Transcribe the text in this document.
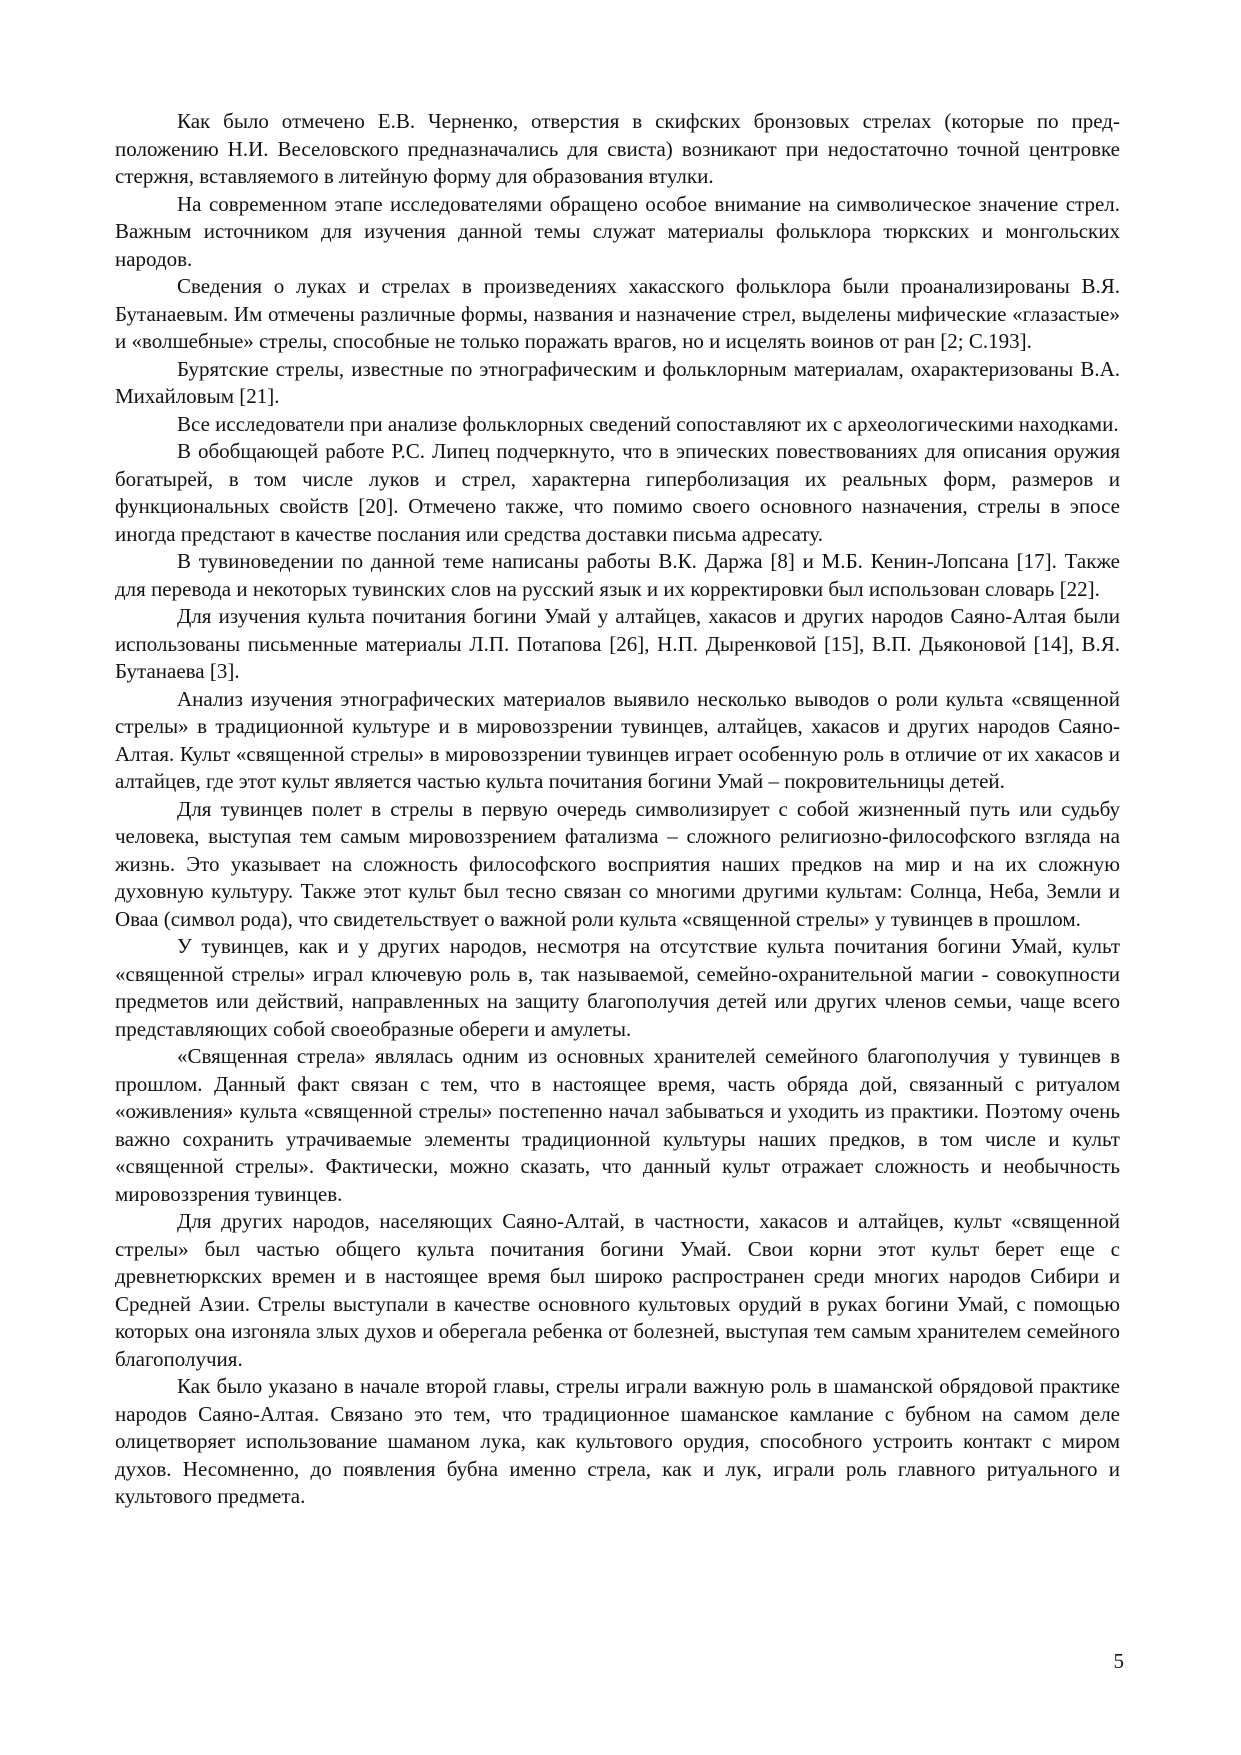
Как было отмечено Е.В. Черненко, отверстия в скифских бронзовых стрелах (которые по предположению Н.И. Веселовского предназначались для свиста) возникают при недостаточно точной центровке стержня, вставляемого в литейную форму для образования втулки.

На современном этапе исследователями обращено особое внимание на символическое значение стрел. Важным источником для изучения данной темы служат материалы фольклора тюркских и монгольских народов.

Сведения о луках и стрелах в произведениях хакасского фольклора были проанализированы В.Я. Бутанаевым. Им отмечены различные формы, названия и назначение стрел, выделены мифические «глазастые» и «волшебные» стрелы, способные не только поражать врагов, но и исцелять воинов от ран [2; С.193].

Бурятские стрелы, известные по этнографическим и фольклорным материалам, охарактеризованы В.А. Михайловым [21].

Все исследователи при анализе фольклорных сведений сопоставляют их с археологическими находками.

В обобщающей работе Р.С. Липец подчеркнуто, что в эпических повествованиях для описания оружия богатырей, в том числе луков и стрел, характерна гиперболизация их реальных форм, размеров и функциональных свойств [20]. Отмечено также, что помимо своего основного назначения, стрелы в эпосе иногда предстают в качестве послания или средства доставки письма адресату.

В тувиноведении по данной теме написаны работы В.К. Даржа [8] и М.Б. Кенин-Лопсана [17]. Также для перевода и некоторых тувинских слов на русский язык и их корректировки был использован словарь [22].

Для изучения культа почитания богини Умай у алтайцев, хакасов и других народов Саяно-Алтая были использованы письменные материалы Л.П. Потапова [26], Н.П. Дыренковой [15], В.П. Дьяконовой [14], В.Я. Бутанаева [3].

Анализ изучения этнографических материалов выявило несколько выводов о роли культа «священной стрелы» в традиционной культуре и в мировоззрении тувинцев, алтайцев, хакасов и других народов Саяно-Алтая. Культ «священной стрелы» в мировоззрении тувинцев играет особенную роль в отличие от их хакасов и алтайцев, где этот культ является частью культа почитания богини Умай – покровительницы детей.

Для тувинцев полет в стрелы в первую очередь символизирует с собой жизненный путь или судьбу человека, выступая тем самым мировоззрением фатализма – сложного религиозно-философского взгляда на жизнь. Это указывает на сложность философского восприятия наших предков на мир и на их сложную духовную культуру. Также этот культ был тесно связан со многими другими культам: Солнца, Неба, Земли и Оваа (символ рода), что свидетельствует о важной роли культа «священной стрелы» у тувинцев в прошлом.

У тувинцев, как и у других народов, несмотря на отсутствие культа почитания богини Умай, культ «священной стрелы» играл ключевую роль в, так называемой, семейно-охранительной магии - совокупности предметов или действий, направленных на защиту благополучия детей или других членов семьи, чаще всего представляющих собой своеобразные обереги и амулеты.

«Священная стрела» являлась одним из основных хранителей семейного благополучия у тувинцев в прошлом. Данный факт связан с тем, что в настоящее время, часть обряда дой, связанный с ритуалом «оживления» культа «священной стрелы» постепенно начал забываться и уходить из практики. Поэтому очень важно сохранить утрачиваемые элементы традиционной культуры наших предков, в том числе и культ «священной стрелы». Фактически, можно сказать, что данный культ отражает сложность и необычность мировоззрения тувинцев.

Для других народов, населяющих Саяно-Алтай, в частности, хакасов и алтайцев, культ «священной стрелы» был частью общего культа почитания богини Умай. Свои корни этот культ берет еще с древнетюркских времен и в настоящее время был широко распространен среди многих народов Сибири и Средней Азии. Стрелы выступали в качестве основного культовых орудий в руках богини Умай, с помощью которых она изгоняла злых духов и оберегала ребенка от болезней, выступая тем самым хранителем семейного благополучия.

Как было указано в начале второй главы, стрелы играли важную роль в шаманской обрядовой практике народов Саяно-Алтая. Связано это тем, что традиционное шаманское камлание с бубном на самом деле олицетворяет использование шаманом лука, как культового орудия, способного устроить контакт с миром духов. Несомненно, до появления бубна именно стрела, как и лук, играли роль главного ритуального и культового предмета.

5
